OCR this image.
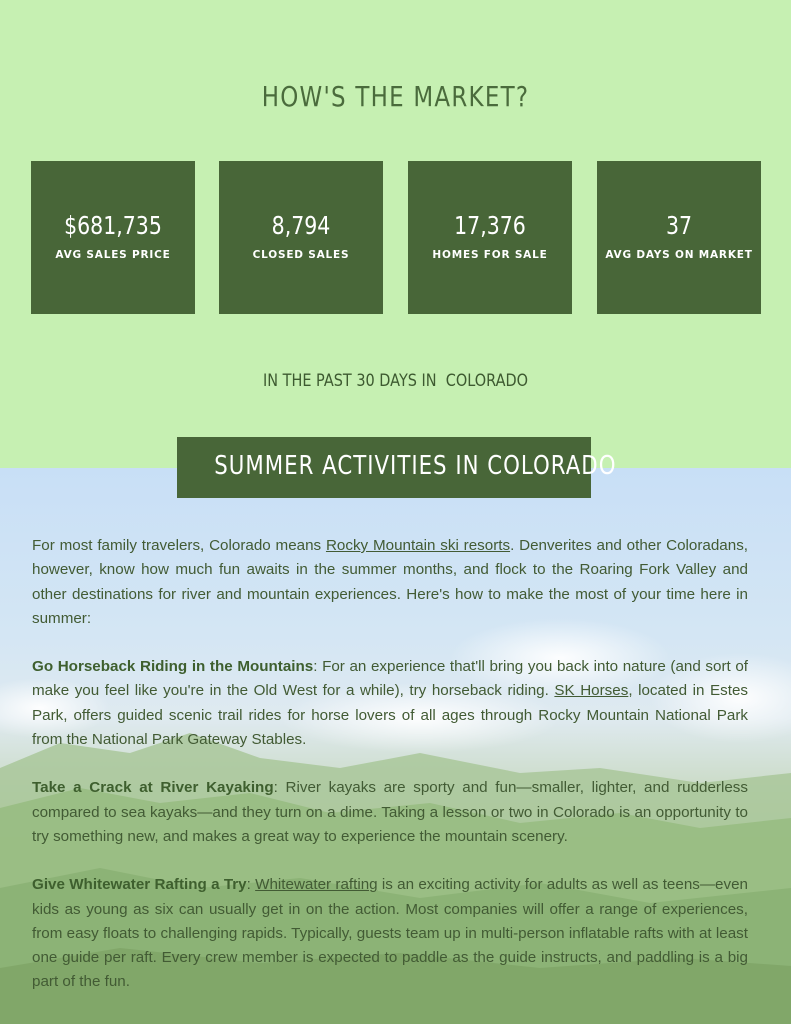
HOW'S THE MARKET?
$681,735
AVG SALES PRICE
8,794
CLOSED SALES
17,376
HOMES FOR SALE
37
AVG DAYS ON MARKET
IN THE PAST 30 DAYS IN  COLORADO
SUMMER ACTIVITIES IN COLORADO

For most family travelers, Colorado means Rocky Mountain ski resorts. Denverites and other Coloradans, however, know how much fun awaits in the summer months, and flock to the Roaring Fork Valley and other destinations for river and mountain experiences. Here's how to make the most of your time here in summer:

Go Horseback Riding in the Mountains: For an experience that'll bring you back into nature (and sort of make you feel like you're in the Old West for a while), try horseback riding. SK Horses, located in Estes Park, offers guided scenic trail rides for horse lovers of all ages through Rocky Mountain National Park from the National Park Gateway Stables.

Take a Crack at River Kayaking: River kayaks are sporty and fun—smaller, lighter, and rudderless compared to sea kayaks—and they turn on a dime. Taking a lesson or two in Colorado is an opportunity to try something new, and makes a great way to experience the mountain scenery.

Give Whitewater Rafting a Try: Whitewater rafting is an exciting activity for adults as well as teens—even kids as young as six can usually get in on the action. Most companies will offer a range of experiences, from easy floats to challenging rapids. Typically, guests team up in multi-person inflatable rafts with at least one guide per raft. Every crew member is expected to paddle as the guide instructs, and paddling is a big part of the fun.
